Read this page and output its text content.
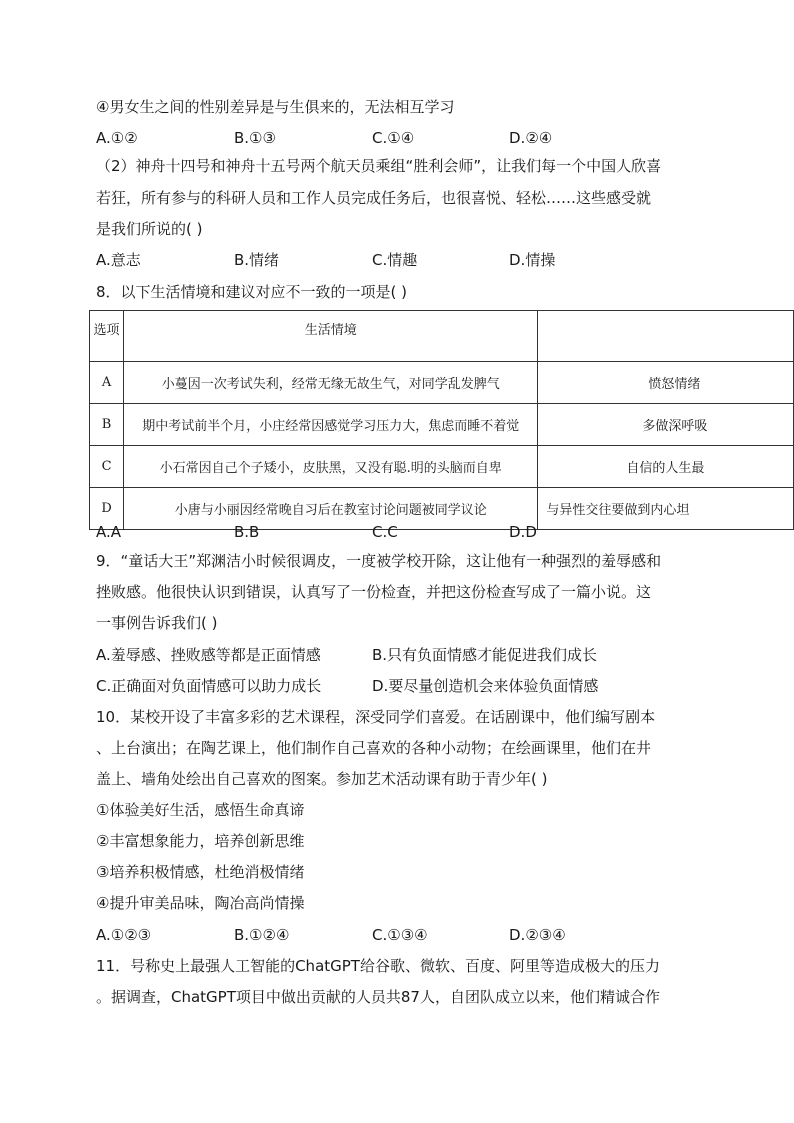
④男女生之间的性别差异是与生俱来的，无法相互学习
A.①②	B.①③	C.①④	D.②④
（2）神舟十四号和神舟十五号两个航天员乘组“胜利会师”，让我们每一个中国人欣喜
若狂，所有参与的科研人员和工作人员完成任务后，也很喜悦、轻松……这些感受就
是我们所说的( )
A.意志	B.情绪	C.情趣	D.情操
8．以下生活情境和建议对应不一致的一项是( )
选项	生活情境	
A	小蔓因一次考试失利，经常无缘无故生气，对同学乱发脾气	愤怒情绪
B	期中考试前半个月，小庄经常因感觉学习压力大，焦虑而睡不着觉	多做深呼吸
C	小石常因自己个子矮小，皮肤黑，又没有聪.明的头脑而自卑	自信的人生最
D	小唐与小丽因经常晚自习后在教室讨论问题被同学议论	与异性交往要做到内心坦
A.A	B.B	C.C	D.D
9．“童话大王”郑渊洁小时候很调皮，一度被学校开除，这让他有一种强烈的羞辱感和
挫败感。他很快认识到错误，认真写了一份检查，并把这份检查写成了一篇小说。这
一事例告诉我们( )
A.羞辱感、挫败感等都是正面情感	B.只有负面情感才能促进我们成长
C.正确面对负面情感可以助力成长	D.要尽量创造机会来体验负面情感
10．某校开设了丰富多彩的艺术课程，深受同学们喜爱。在话剧课中，他们编写剧本
、上台演出；在陶艺课上，他们制作自己喜欢的各种小动物；在绘画课里，他们在井
盖上、墙角处绘出自己喜欢的图案。参加艺术活动课有助于青少年( )
①体验美好生活，感悟生命真谛
②丰富想象能力，培养创新思维
③培养积极情感，杜绝消极情绪
④提升审美品味，陶冶高尚情操
A.①②③	B.①②④	C.①③④	D.②③④
11．号称史上最强人工智能的ChatGPT给谷歌、微软、百度、阿里等造成极大的压力
。据调查，ChatGPT项目中做出贡献的人员共87人，自团队成立以来，他们精诚合作
